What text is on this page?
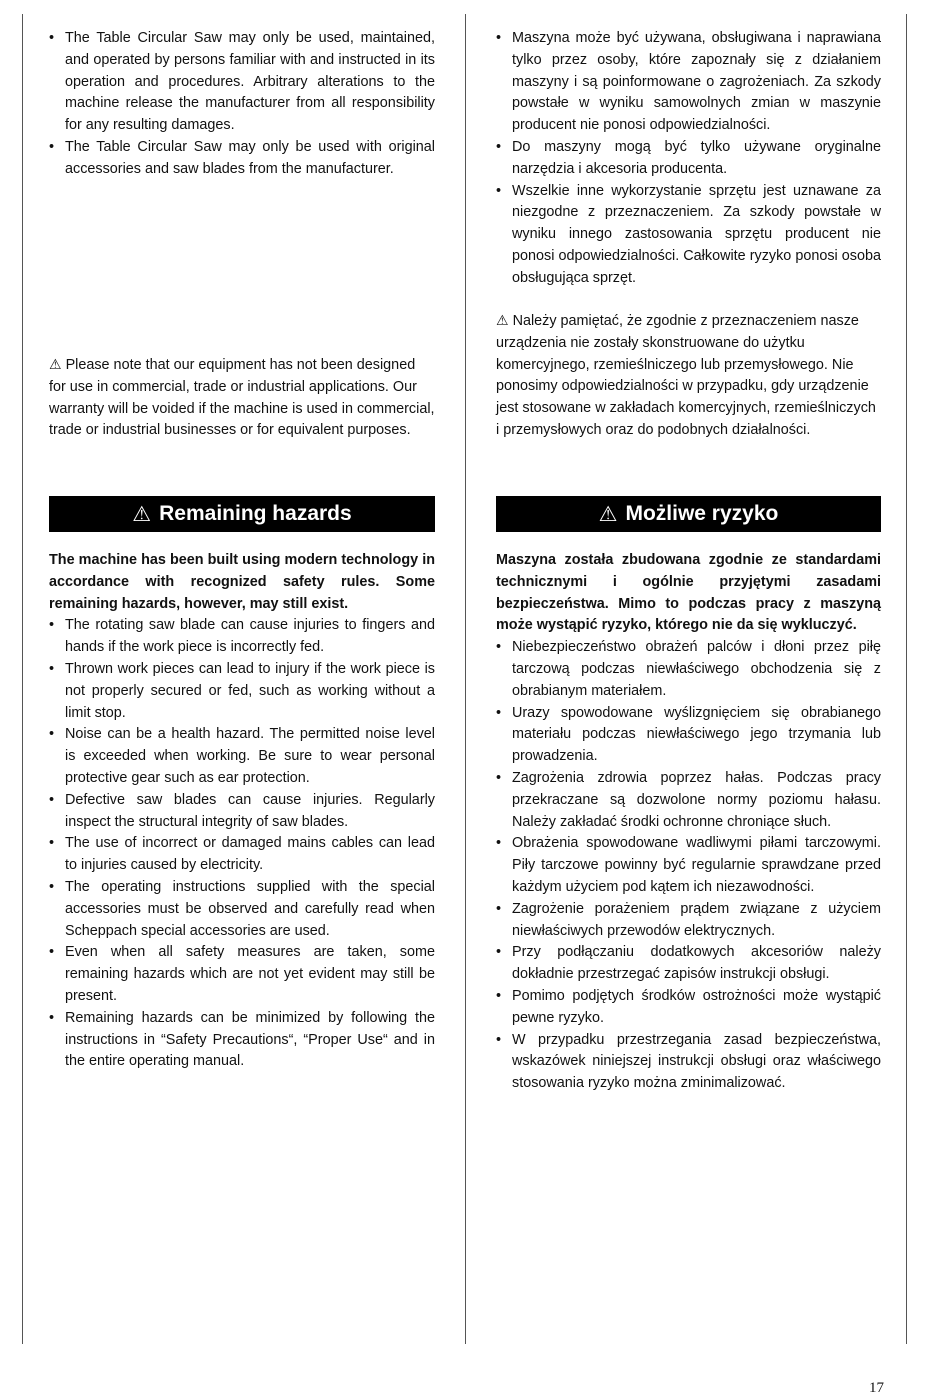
• The Table Circular Saw may only be used, maintained, and operated by persons familiar with and instructed in its operation and procedures. Arbitrary alterations to the machine release the manufacturer from all responsibility for any resulting damages.
• The Table Circular Saw may only be used with original accessories and saw blades from the manufacturer.
• Maszyna może być używana, obsługiwana i naprawiana tylko przez osoby, które zapoznały się z działaniem maszyny i są poinformowane o zagrożeniach. Za szkody powstałe w wyniku samowolnych zmian w maszynie producent nie ponosi odpowiedzialności.
• Do maszyny mogą być tylko używane oryginalne narzędzia i akcesoria producenta.
• Wszelkie inne wykorzystanie sprzętu jest uznawane za niezgodne z przeznaczeniem. Za szkody powstałe w wyniku innego zastosowania sprzętu producent nie ponosi odpowiedzialności. Całkowite ryzyko ponosi osoba obsługująca sprzęt.

⚠ Please note that our equipment has not been designed for use in commercial, trade or industrial applications. Our warranty will be voided if the machine is used in commercial, trade or industrial businesses or for equivalent purposes.

⚠ Należy pamiętać, że zgodnie z przeznaczeniem nasze urządzenia nie zostały skonstruowane do użytku komercyjnego, rzemieślniczego lub przemysłowego. Nie ponosimy odpowiedzialności w przypadku, gdy urządzenie jest stosowane w zakładach komercyjnych, rzemieślniczych i przemysłowych oraz do podobnych działalności.

⚠ Remaining hazards	⚠ Możliwe ryzyko

The machine has been built using modern technology in accordance with recognized safety rules. Some remaining hazards, however, may still exist.

• The rotating saw blade can cause injuries to fingers and hands if the work piece is incorrectly fed.
• Thrown work pieces can lead to injury if the work piece is not properly secured or fed, such as working without a limit stop.
• Noise can be a health hazard. The permitted noise level is exceeded when working. Be sure to wear personal protective gear such as ear protection.
• Defective saw blades can cause injuries. Regularly inspect the structural integrity of saw blades.
• The use of incorrect or damaged mains cables can lead to injuries caused by electricity.
• The operating instructions supplied with the special accessories must be observed and carefully read when Scheppach special accessories are used.
• Even when all safety measures are taken, some remaining hazards which are not yet evident may still be present.
• Remaining hazards can be minimized by following the instructions in “Safety Precautions“, “Proper Use“ and in the entire operating manual.

Maszyna została zbudowana zgodnie ze standardami technicznymi i ogólnie przyjętymi zasadami bezpieczeństwa. Mimo to podczas pracy z maszyną może wystąpić ryzyko, którego nie da się wykluczyć.

• Niebezpieczeństwo obrażeń palców i dłoni przez piłę tarczową podczas niewłaściwego obchodzenia się z obrabianym materiałem.
• Urazy spowodowane wyślizgnięciem się obrabianego materiału podczas niewłaściwego jego trzymania lub prowadzenia.
• Zagrożenia zdrowia poprzez hałas. Podczas pracy przekraczane są dozwolone normy poziomu hałasu. Należy zakładać środki ochronne chroniące słuch.
• Obrażenia spowodowane wadliwymi piłami tarczowymi. Piły tarczowe powinny być regularnie sprawdzane przed każdym użyciem pod kątem ich niezawodności.
• Zagrożenie porażeniem prądem związane z użyciem niewłaściwych przewodów elektrycznych.
• Przy podłączaniu dodatkowych akcesoriów należy dokładnie przestrzegać zapisów instrukcji obsługi.
• Pomimo podjętych środków ostrożności może wystąpić pewne ryzyko.
• W przypadku przestrzegania zasad bezpieczeństwa, wskazówek niniejszej instrukcji obsługi oraz właściwego stosowania ryzyko można zminimalizować.
17
